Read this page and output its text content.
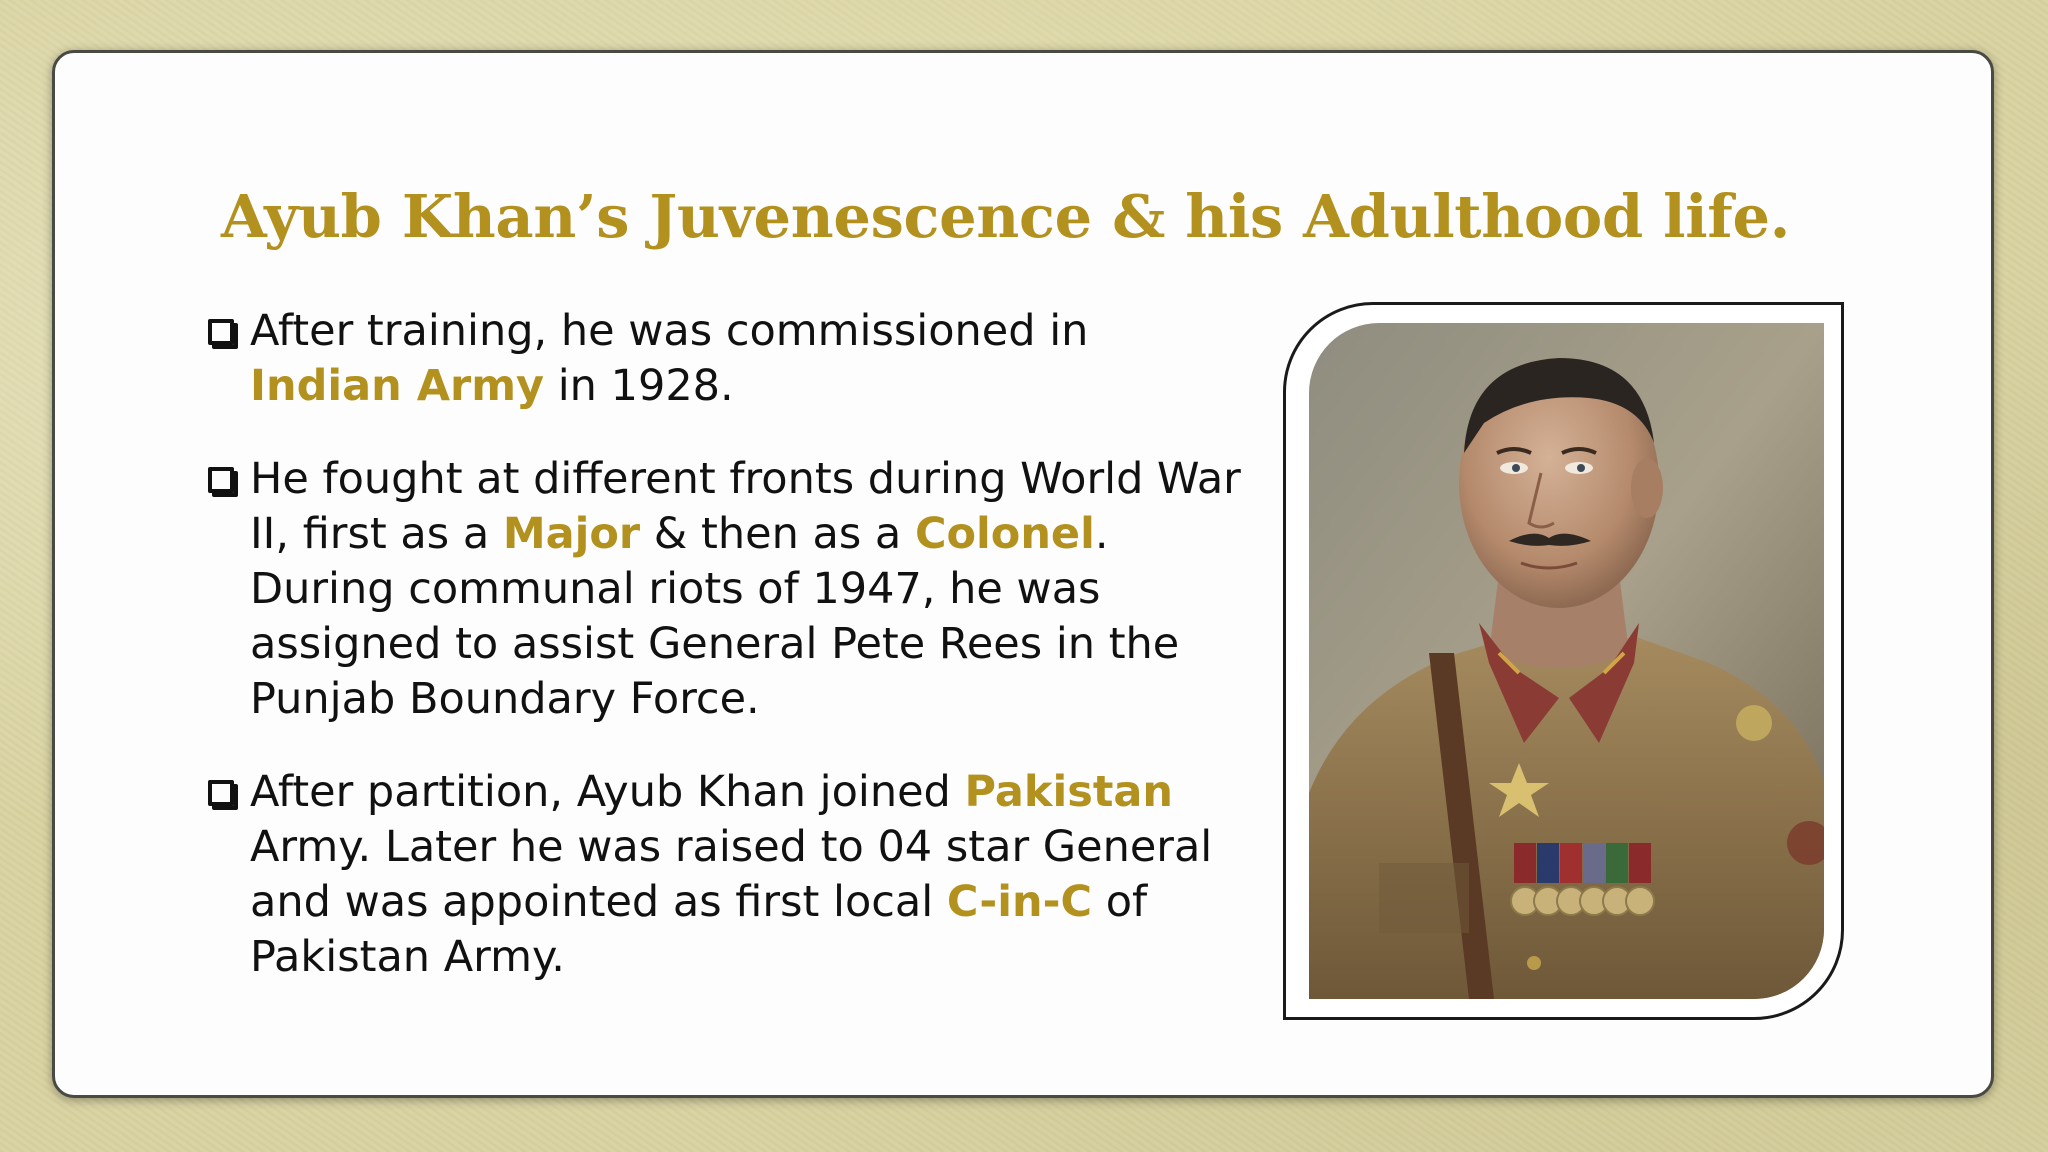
Ayub Khan’s Juvenescence & his Adulthood life.
After training, he was commissioned in Indian Army in 1928.
He fought at different fronts during World War II, first as a Major & then as a Colonel. During communal riots of 1947, he was assigned to assist General Pete Rees in the Punjab Boundary Force.
After partition, Ayub Khan joined Pakistan Army. Later he was raised to 04 star General and was appointed as first local C-in-C of Pakistan Army.
